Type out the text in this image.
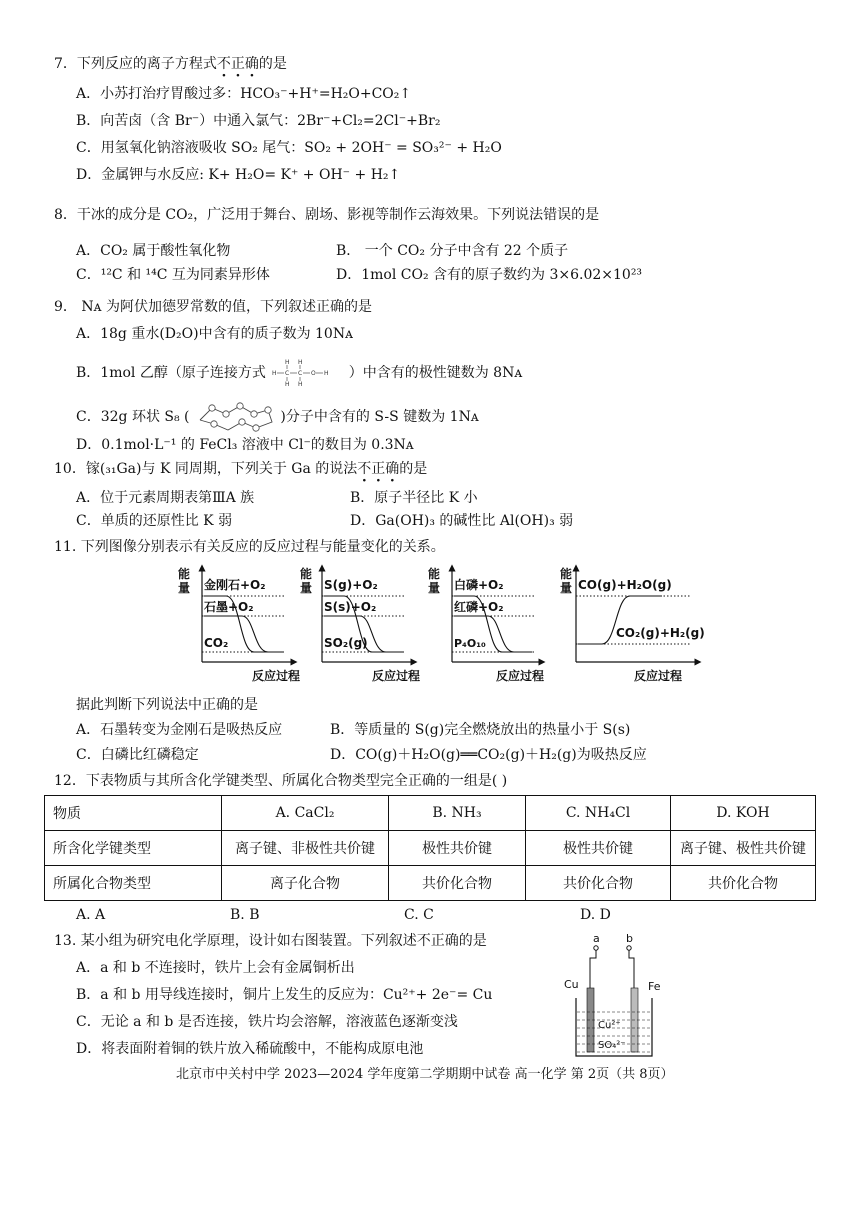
7．下列反应的离子方程式不正确的是
A．小苏打治疗胃酸过多：HCO₃⁻+H⁺=H₂O+CO₂↑
B．向苦卤（含 Br⁻）中通入氯气：2Br⁻+Cl₂=2Cl⁻+Br₂
C．用氢氧化钠溶液吸收 SO₂ 尾气：SO₂ + 2OH⁻ = SO₃²⁻ + H₂O
D．金属钾与水反应: K+ H₂O= K⁺ + OH⁻ + H₂↑
8．干冰的成分是 CO₂，广泛用于舞台、剧场、影视等制作云海效果。下列说法错误的是
A．CO₂ 属于酸性氧化物	B． 一个 CO₂ 分子中含有 22 个质子
C．¹²C 和 ¹⁴C 互为同素异形体	D．1mol CO₂ 含有的原子数约为 3×6.02×10²³
9． Nᴀ 为阿伏加德罗常数的值，下列叙述正确的是
A．18g 重水(D₂O)中含有的质子数为 10Nᴀ
B．1mol 乙醇（原子连接方式 H C
H
H
C
H
H
O H ）中含有的极性键数为 8Nᴀ
C．32g 环状 S₈ (	)分子中含有的 S-S 键数为 1Nᴀ
D．0.1mol·L⁻¹ 的 FeCl₃ 溶液中 Cl⁻的数目为 0.3Nᴀ
10．镓(₃₁Ga)与 K 同周期，下列关于 Ga 的说法不正确的是
A．位于元素周期表第ⅢA 族	B．原子半径比 K 小
C．单质的还原性比 K 弱	D．Ga(OH)₃ 的碱性比 Al(OH)₃ 弱
11. 下列图像分别表示有关反应的反应过程与能量变化的关系。
能
量 金刚石+O₂
石墨+O₂
CO₂
反应过程
能
量 S(g)+O₂
S(s)+O₂
SO₂(g)
反应过程
能
量 白磷+O₂
红磷+O₂
P₄O₁₀
反应过程
能
量 CO(g)+H₂O(g)
CO₂(g)+H₂(g)
反应过程
据此判断下列说法中正确的是
A．石墨转变为金刚石是吸热反应	B．等质量的 S(g)完全燃烧放出的热量小于 S(s)
C．白磷比红磷稳定	D．CO(g)＋H₂O(g)══CO₂(g)＋H₂(g)为吸热反应
12．下表物质与其所含化学键类型、所属化合物类型完全正确的一组是( )
物质	A. CaCl₂	B. NH₃	C. NH₄Cl	D. KOH
所含化学键类型	离子键、非极性共价键	极性共价键	极性共价键	离子键、极性共价键
所属化合物类型	离子化合物	共价化合物	共价化合物	共价化合物
A. A	B. B	C. C	D. D
13. 某小组为研究电化学原理，设计如右图装置。下列叙述不正确的是
A．a 和 b 不连接时，铁片上会有金属铜析出
B．a 和 b 用导线连接时，铜片上发生的反应为：Cu²⁺+ 2e⁻= Cu
C．无论 a 和 b 是否连接，铁片均会溶解，溶液蓝色逐渐变浅
D．将表面附着铜的铁片放入稀硫酸中，不能构成原电池
a b
Cu	Fe
Cu²⁺
SO₄²⁻
北京市中关村中学 2023—2024 学年度第二学期期中试卷 高一化学 第 2页（共 8页）
